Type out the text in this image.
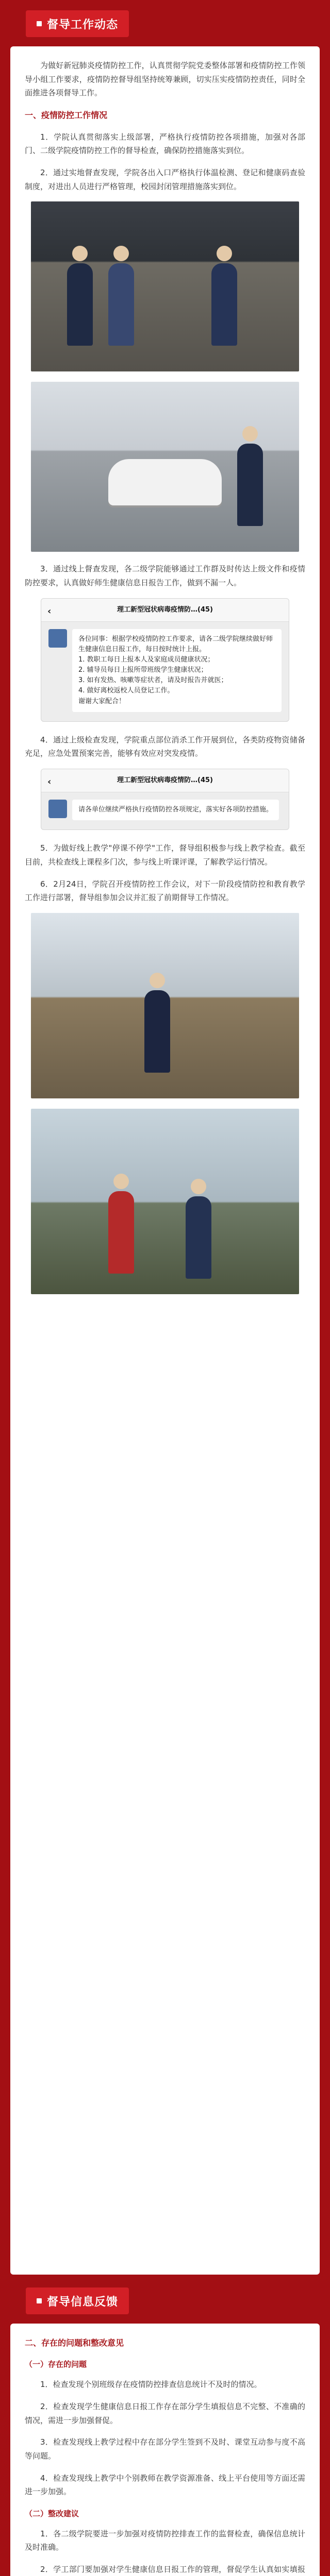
督导工作动态

为做好新冠肺炎疫情防控工作，认真贯彻学院党委整体部署和疫情防控工作领导小组工作要求，疫情防控督导组坚持统筹兼顾，切实压实疫情防控责任，同时全面推进各项督导工作。

一、疫情防控工作情况

1．学院认真贯彻落实上级部署，严格执行疫情防控各项措施，加强对各部门、二级学院疫情防控工作的督导检查，确保防控措施落实到位。

2．通过实地督查发现，学院各出入口严格执行体温检测、登记和健康码查验制度，对进出人员进行严格管理，校园封闭管理措施落实到位。

3．通过线上督查发现，各二级学院能够通过工作群及时传达上级文件和疫情防控要求，认真做好师生健康信息日报告工作，做到不漏一人。

‹	理工新型冠状病毒疫情防…(45)
各位同事：根据学校疫情防控工作要求，请各二级学院继续做好师生健康信息日报工作，每日按时统计上报。
1. 教职工每日上报本人及家庭成员健康状况；
2. 辅导员每日上报所带班级学生健康状况；
3. 如有发热、咳嗽等症状者，请及时报告并就医；
4. 做好离校返校人员登记工作。
谢谢大家配合！

4．通过上级检查发现，学院重点部位消杀工作开展到位，各类防疫物资储备充足，应急处置预案完善，能够有效应对突发疫情。

‹	理工新型冠状病毒疫情防…(45)
请各单位继续严格执行疫情防控各项规定，落实好各项防控措施。

5．为做好线上教学"停课不停学"工作，督导组积极参与线上教学检查。截至目前，共检查线上课程多门次，参与线上听课评课，了解教学运行情况。

6．2月24日，学院召开疫情防控工作会议，对下一阶段疫情防控和教育教学工作进行部署，督导组参加会议并汇报了前期督导工作情况。

督导信息反馈
二、存在的问题和整改意见
（一）存在的问题

1．检查发现个别班级存在疫情防控排查信息统计不及时的情况。

2．检查发现学生健康信息日报工作存在部分学生填报信息不完整、不准确的情况，需进一步加强督促。

3．检查发现线上教学过程中存在部分学生签到不及时、课堂互动参与度不高等问题。

4．检查发现线上教学中个别教师在教学资源准备、线上平台使用等方面还需进一步加强。

（二）整改建议

1．各二级学院要进一步加强对疫情防控排查工作的监督检查，确保信息统计及时准确。

2．学工部门要加强对学生健康信息日报工作的管理，督促学生认真如实填报
